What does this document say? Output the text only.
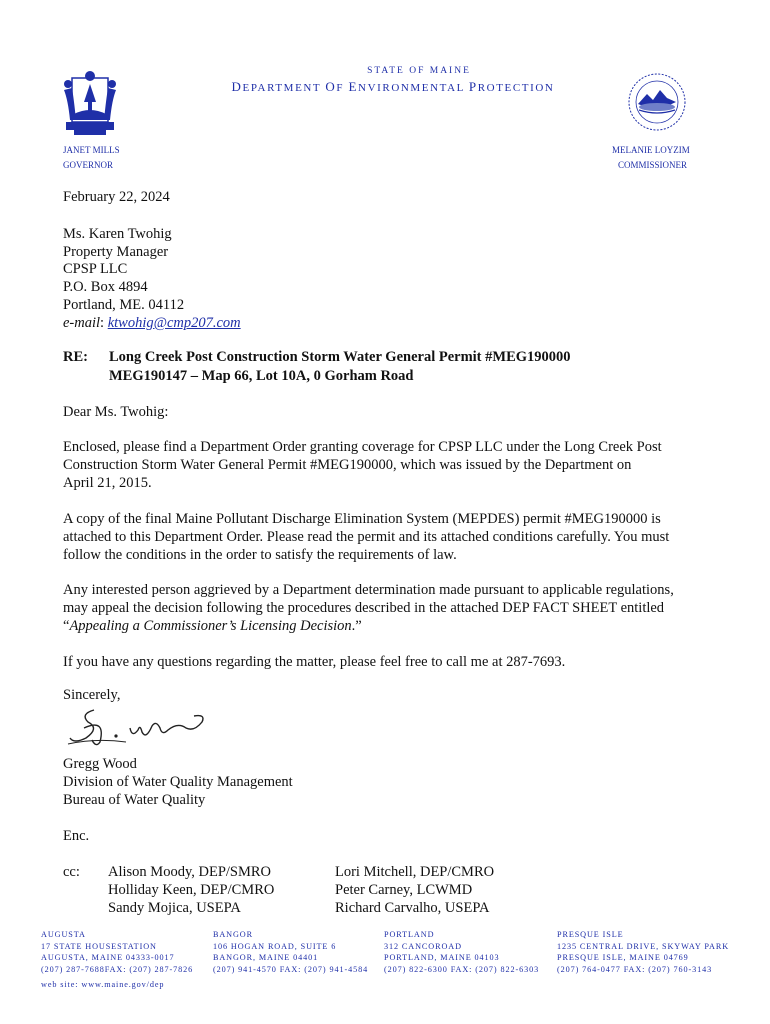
STATE OF MAINE
DEPARTMENT OF ENVIRONMENTAL PROTECTION
JANET MILLS
GOVERNOR
MELANIE LOYZIM
COMMISSIONER
February 22, 2024
Ms. Karen Twohig
Property Manager
CPSP LLC
P.O. Box 4894
Portland, ME. 04112
e-mail: ktwohig@cmp207.com
RE: Long Creek Post Construction Storm Water General Permit #MEG190000
MEG190147 – Map 66, Lot 10A, 0 Gorham Road
Dear Ms. Twohig:
Enclosed, please find a Department Order granting coverage for CPSP LLC under the Long Creek Post
Construction Storm Water General Permit #MEG190000, which was issued by the Department on
April 21, 2015.
A copy of the final Maine Pollutant Discharge Elimination System (MEPDES) permit #MEG190000 is
attached to this Department Order. Please read the permit and its attached conditions carefully. You must
follow the conditions in the order to satisfy the requirements of law.
Any interested person aggrieved by a Department determination made pursuant to applicable regulations,
may appeal the decision following the procedures described in the attached DEP FACT SHEET entitled
“Appealing a Commissioner’s Licensing Decision.”
If you have any questions regarding the matter, please feel free to call me at 287-7693.
Sincerely,
Gregg Wood
Division of Water Quality Management
Bureau of Water Quality
Enc.
cc: Alison Moody, DEP/SMRO
Holliday Keen, DEP/CMRO
Sandy Mojica, USEPA
Lori Mitchell, DEP/CMRO
Peter Carney, LCWMD
Richard Carvalho, USEPA
AUGUSTA
17 STATE HOUSESTATION
AUGUSTA, MAINE 04333-0017
(207) 287-7688FAX: (207) 287-7826
BANGOR
106 HOGAN ROAD, SUITE 6
BANGOR, MAINE 04401
(207) 941-4570 FAX: (207) 941-4584
PORTLAND
312 CANCOROAD
PORTLAND, MAINE 04103
(207) 822-6300 FAX: (207) 822-6303
PRESQUE ISLE
1235 CENTRAL DRIVE, SKYWAY PARK
PRESQUE ISLE, MAINE 04769
(207) 764-0477 FAX: (207) 760-3143
web site: www.maine.gov/dep
